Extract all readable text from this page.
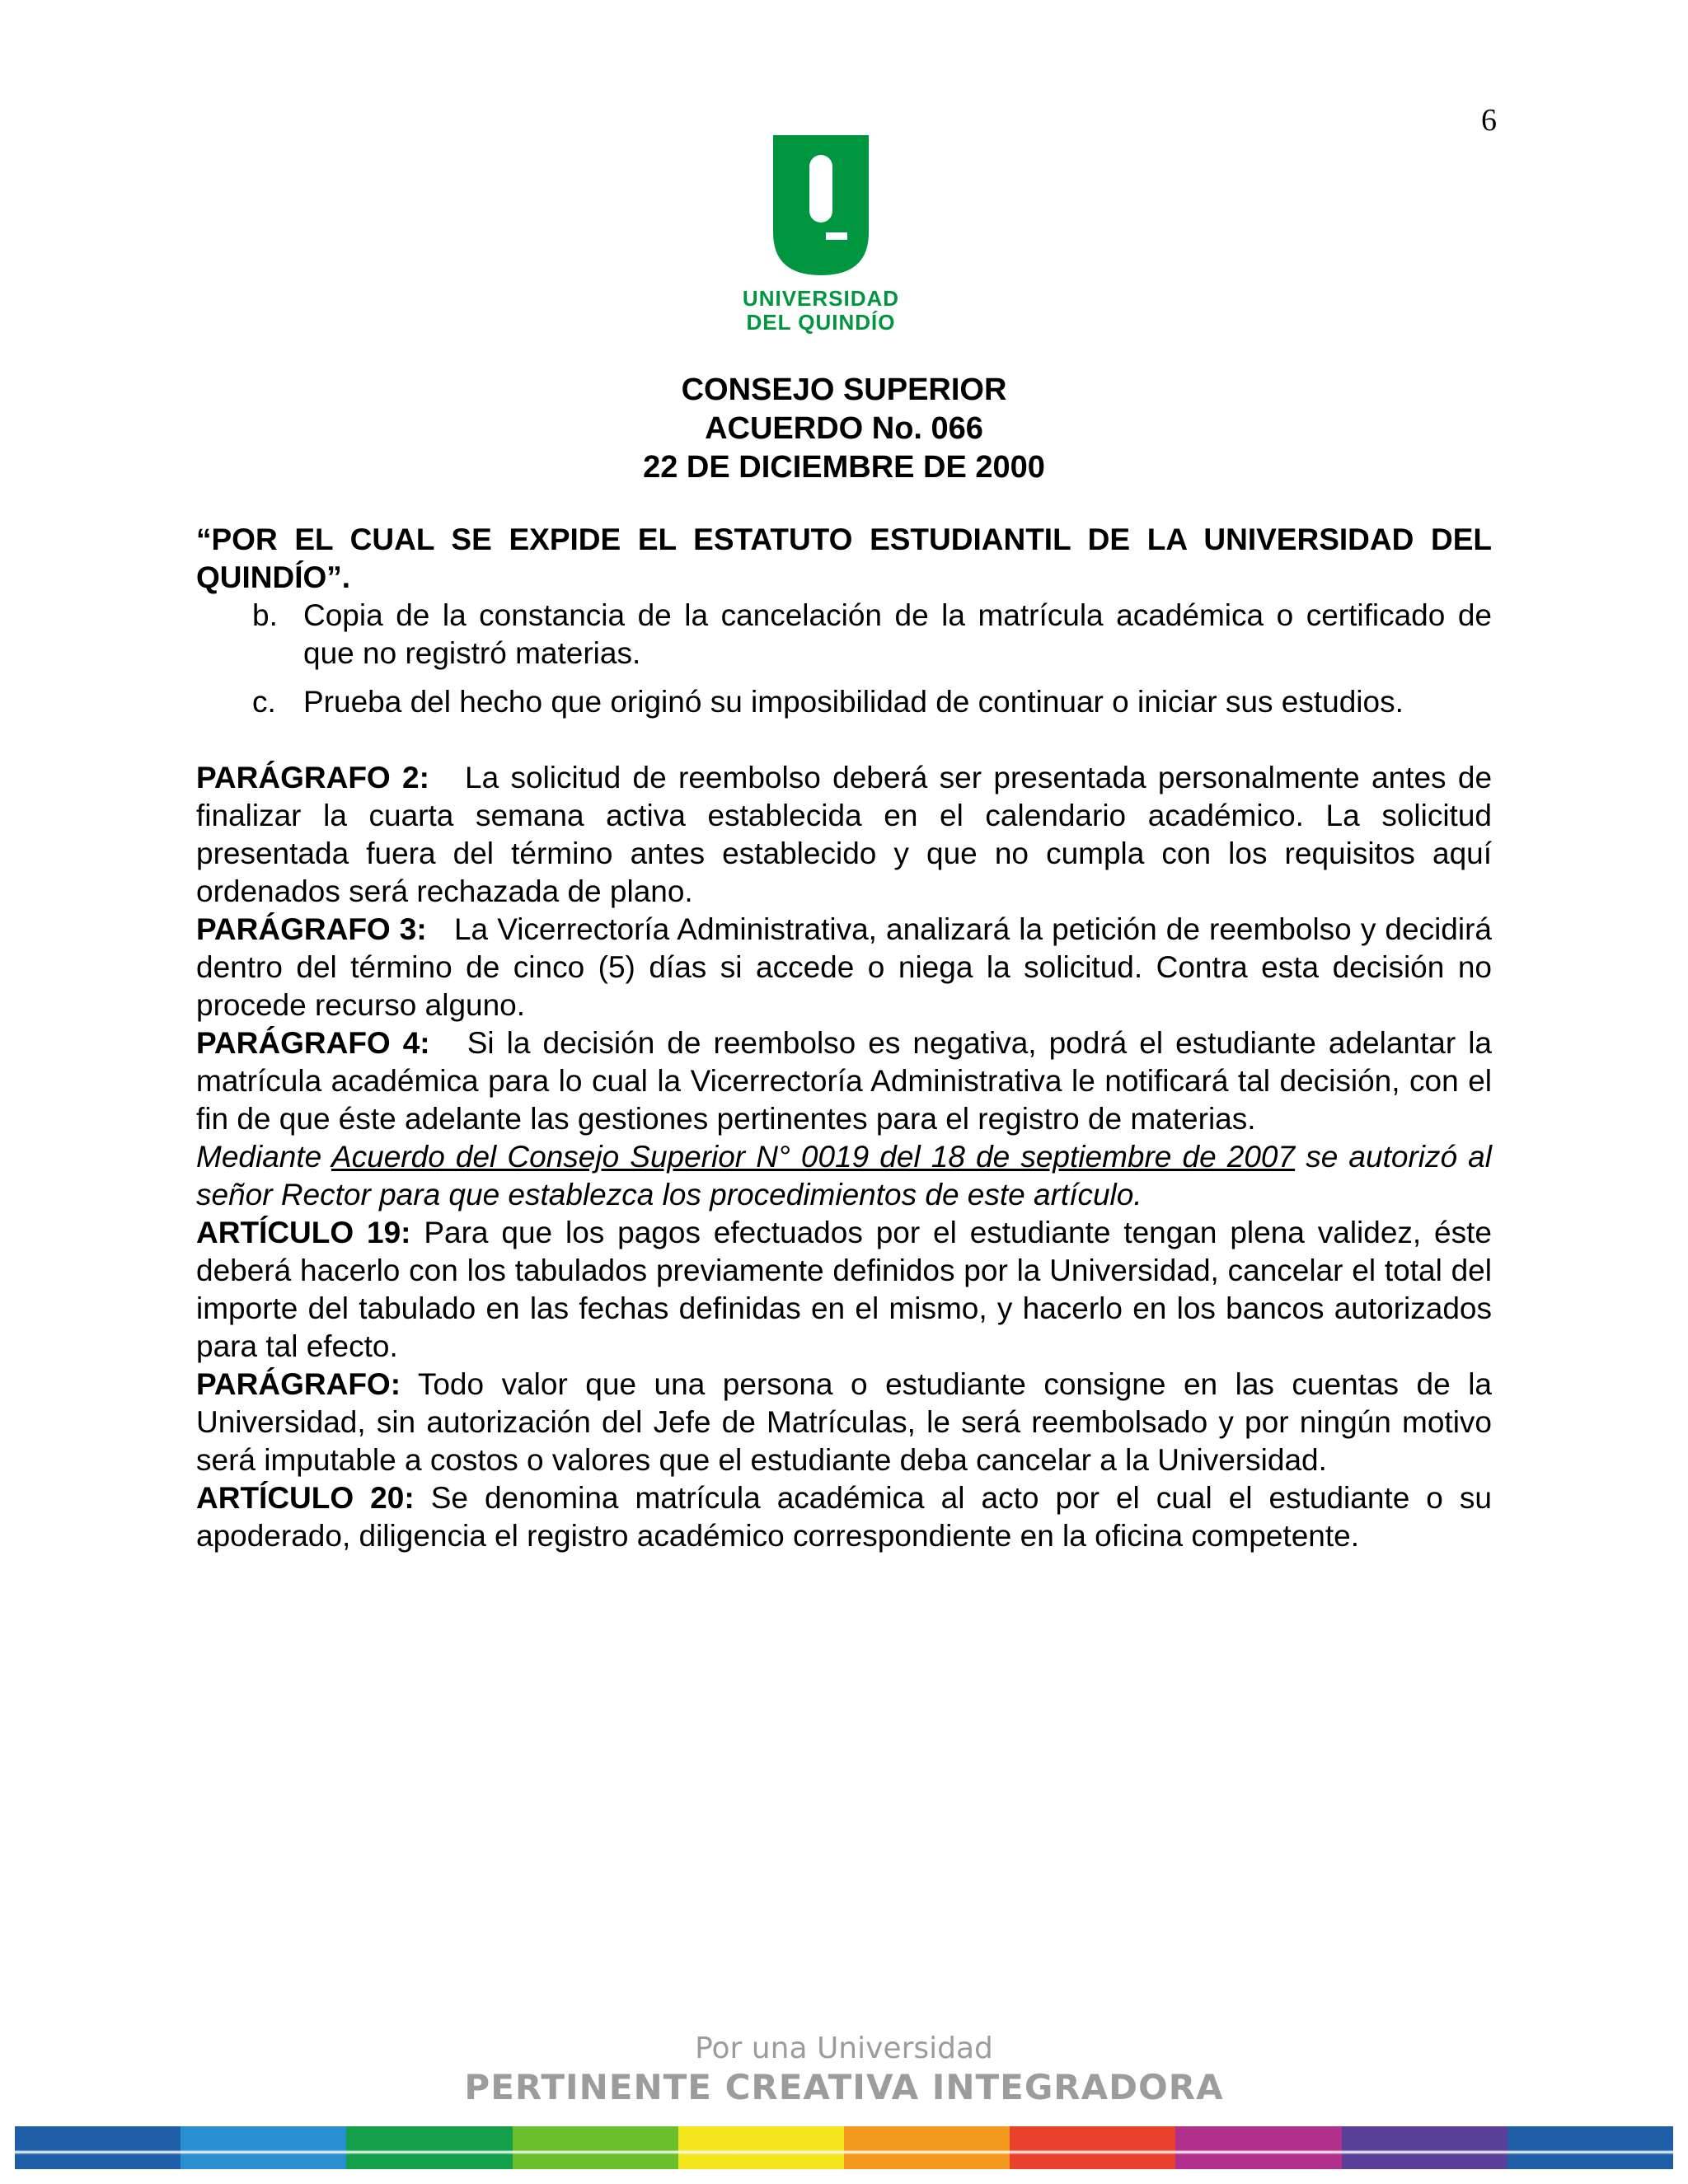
6
UNIVERSIDAD
DEL QUINDÍO
CONSEJO SUPERIOR
ACUERDO No. 066
22 DE DICIEMBRE DE 2000

“POR EL CUAL SE EXPIDE EL ESTATUTO ESTUDIANTIL DE LA UNIVERSIDAD DEL QUINDÍO”.

b. Copia de la constancia de la cancelación de la matrícula académica o certificado de que no registró materias.
c. Prueba del hecho que originó su imposibilidad de continuar o iniciar sus estudios.

PARÁGRAFO 2: La solicitud de reembolso deberá ser presentada personalmente antes de finalizar la cuarta semana activa establecida en el calendario académico. La solicitud presentada fuera del término antes establecido y que no cumpla con los requisitos aquí ordenados será rechazada de plano.

PARÁGRAFO 3: La Vicerrectoría Administrativa, analizará la petición de reembolso y decidirá dentro del término de cinco (5) días si accede o niega la solicitud. Contra esta decisión no procede recurso alguno.

PARÁGRAFO 4: Si la decisión de reembolso es negativa, podrá el estudiante adelantar la matrícula académica para lo cual la Vicerrectoría Administrativa le notificará tal decisión, con el fin de que éste adelante las gestiones pertinentes para el registro de materias.

Mediante Acuerdo del Consejo Superior N° 0019 del 18 de septiembre de 2007 se autorizó al señor Rector para que establezca los procedimientos de este artículo.

ARTÍCULO 19: Para que los pagos efectuados por el estudiante tengan plena validez, éste deberá hacerlo con los tabulados previamente definidos por la Universidad, cancelar el total del importe del tabulado en las fechas definidas en el mismo, y hacerlo en los bancos autorizados para tal efecto.

PARÁGRAFO: Todo valor que una persona o estudiante consigne en las cuentas de la Universidad, sin autorización del Jefe de Matrículas, le será reembolsado y por ningún motivo será imputable a costos o valores que el estudiante deba cancelar a la Universidad.

ARTÍCULO 20: Se denomina matrícula académica al acto por el cual el estudiante o su apoderado, diligencia el registro académico correspondiente en la oficina competente.

Por una Universidad
PERTINENTE CREATIVA INTEGRADORA
